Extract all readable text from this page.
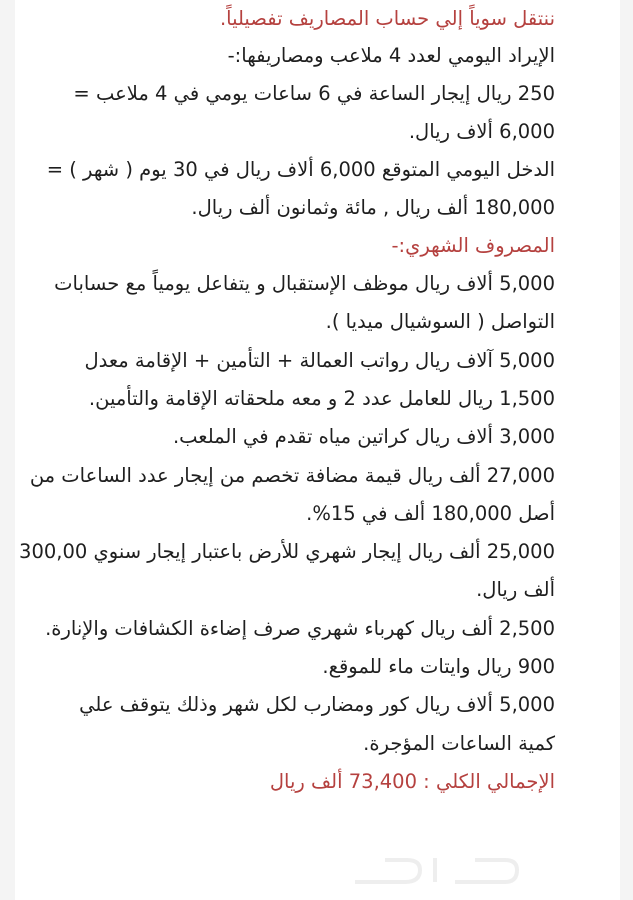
ننتقل سوياً إلي حساب المصاريف تفصيلياً.

الإيراد اليومي لعدد 4 ملاعب ومصاريفها:-

250 ريال إيجار الساعة في 6 ساعات يومي في 4 ملاعب =

6,000 ألاف ريال.

الدخل اليومي المتوقع 6,000 ألاف ريال في 30 يوم ( شهر ) =

180,000 ألف ريال , مائة وثمانون ألف ريال.

المصروف الشهري:-

5,000 ألاف ريال موظف الإستقبال و يتفاعل يومياً مع حسابات

التواصل ( السوشيال ميديا ).

5,000 آلاف ريال رواتب العمالة + التأمين + الإقامة معدل

1,500 ريال للعامل عدد 2 و معه ملحقاته الإقامة والتأمين.

3,000 ألاف ريال كراتين مياه تقدم في الملعب.

27,000 ألف ريال قيمة مضافة تخصم من إيجار عدد الساعات من

أصل 180,000 ألف في 15%.

25,000 ألف ريال إيجار شهري للأرض باعتبار إيجار سنوي 300,00

ألف ريال.

2,500 ألف ريال كهرباء شهري صرف إضاءة الكشافات والإنارة.

900 ريال وايتات ماء للموقع.

5,000 ألاف ريال كور ومضارب لكل شهر وذلك يتوقف علي

كمية الساعات المؤجرة.

الإجمالي الكلي : 73,400 ألف ريال
